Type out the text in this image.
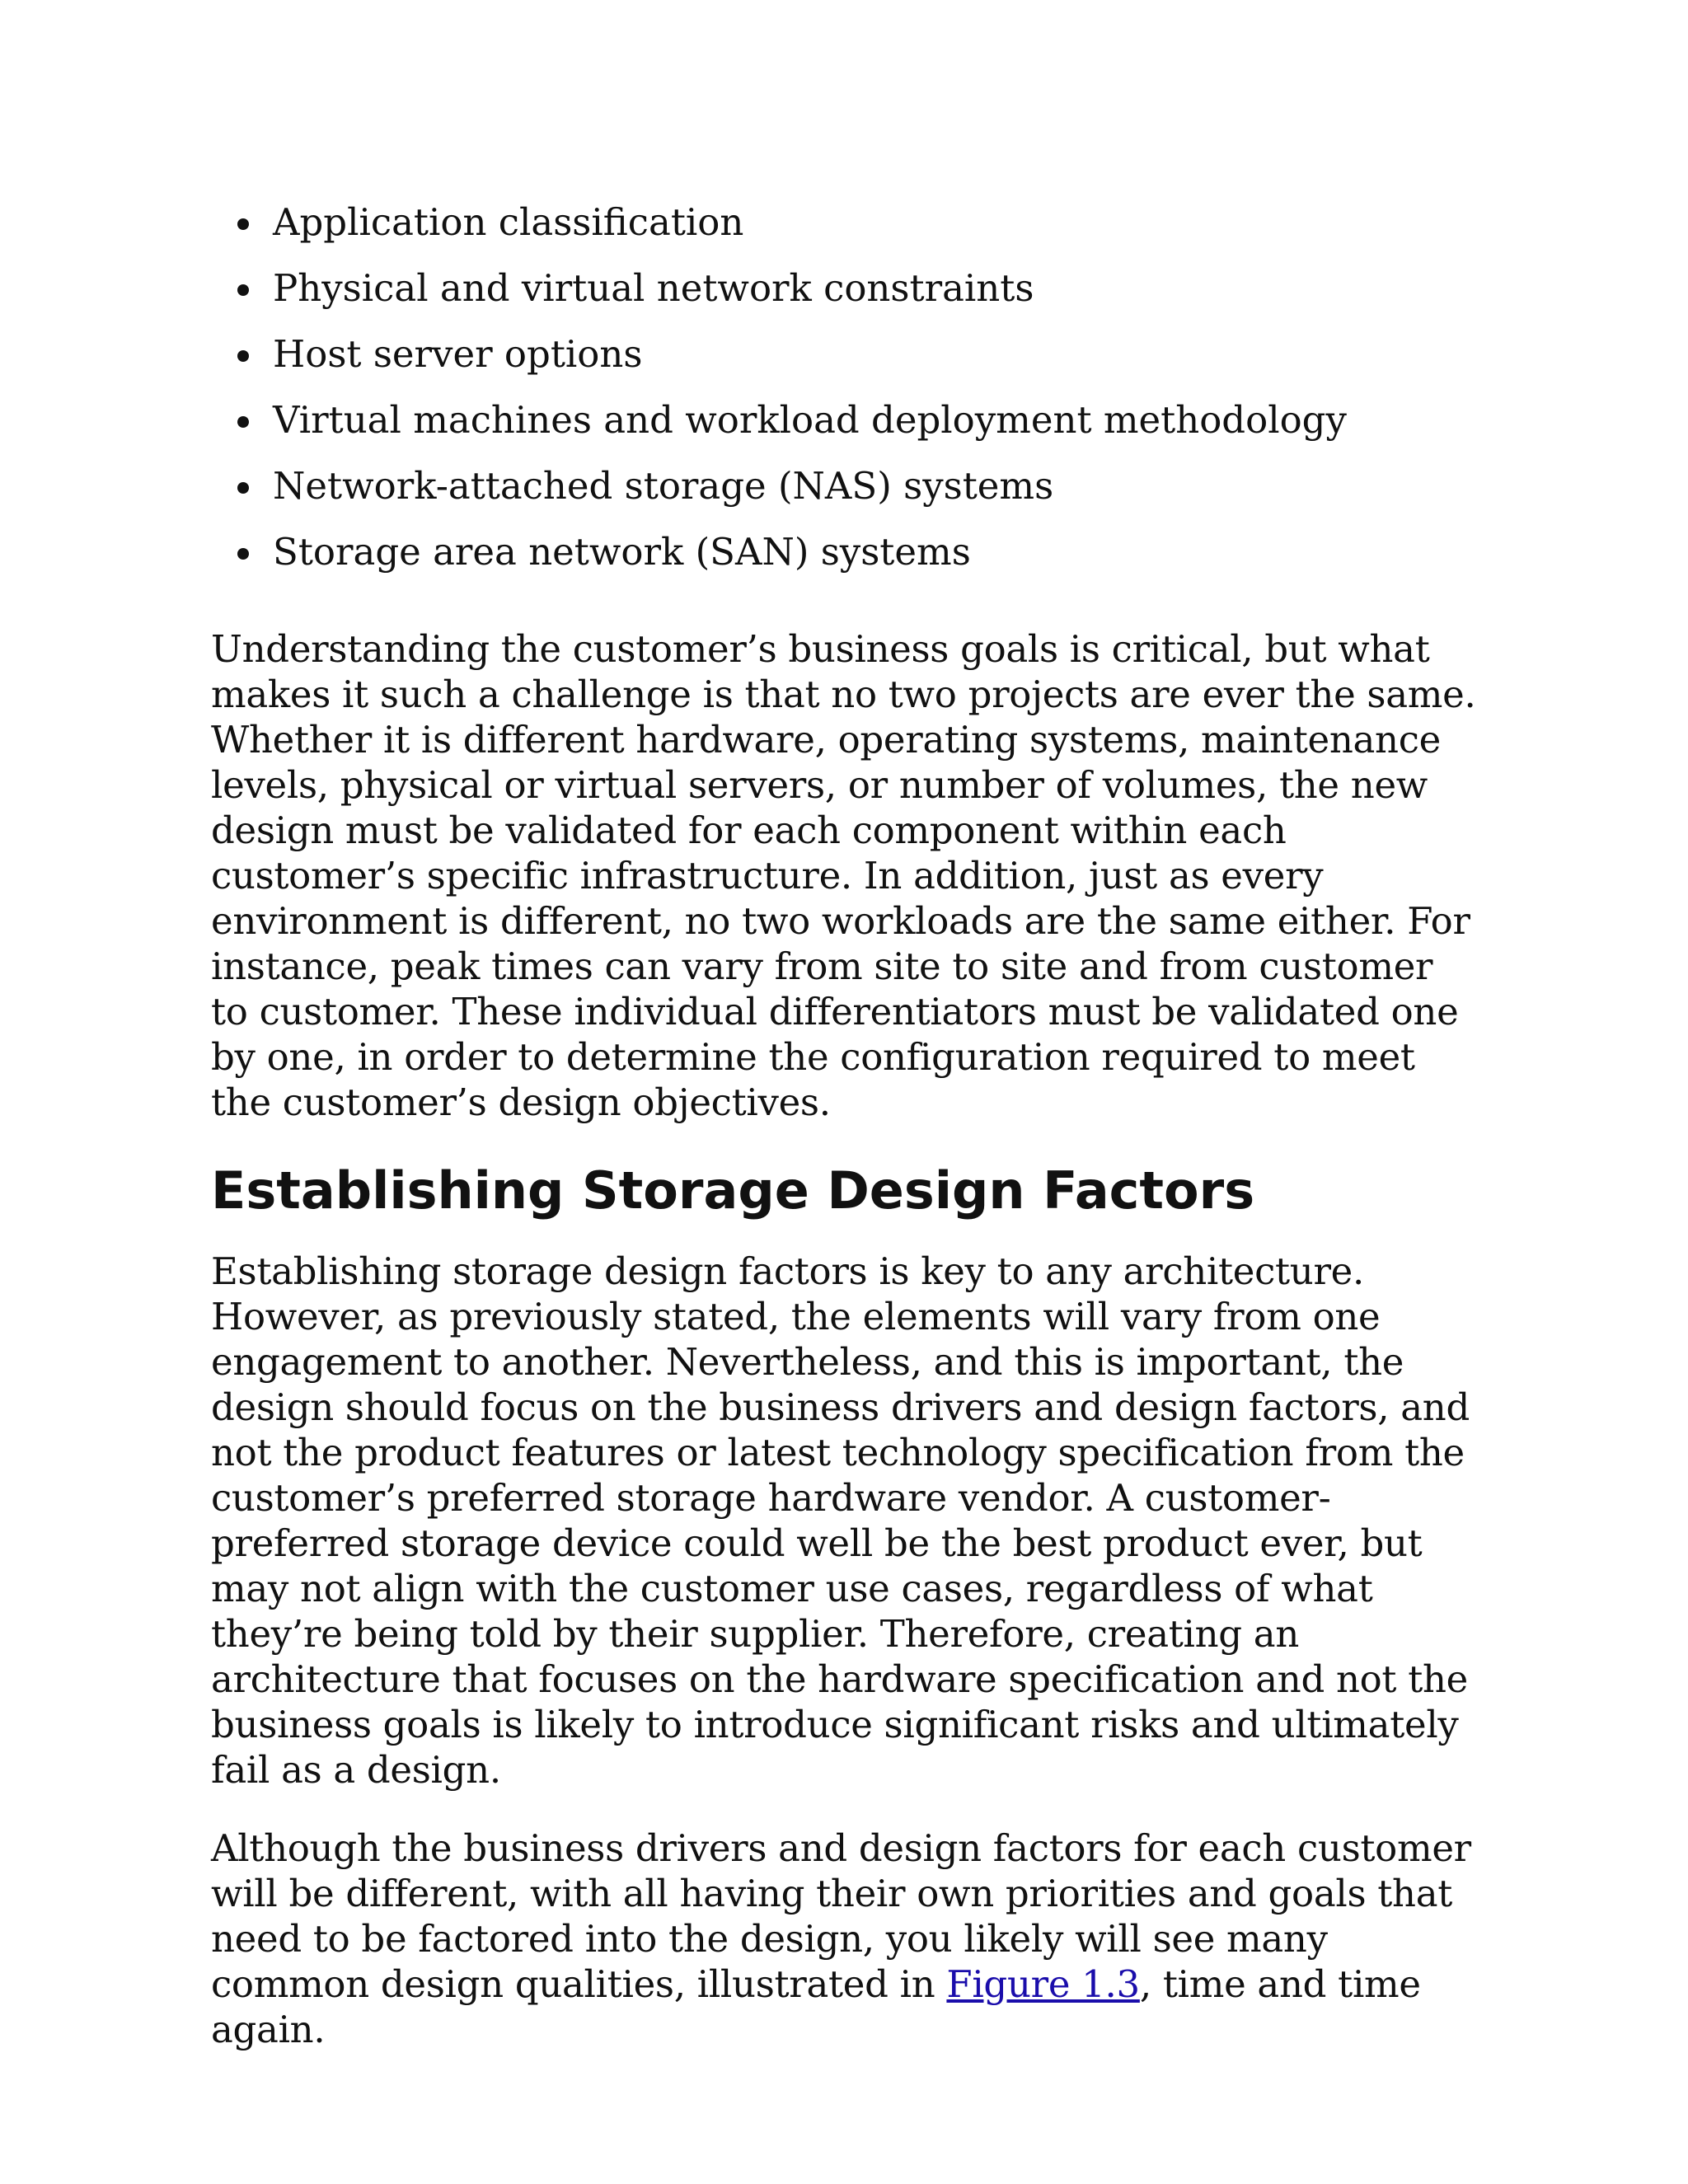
Application classification
Physical and virtual network constraints
Host server options
Virtual machines and workload deployment methodology
Network-attached storage (NAS) systems
Storage area network (SAN) systems

Understanding the customer’s business goals is critical, but what makes it such a challenge is that no two projects are ever the same. Whether it is different hardware, operating systems, maintenance levels, physical or virtual servers, or number of volumes, the new design must be validated for each component within each customer’s specific infrastructure. In addition, just as every environment is different, no two workloads are the same either. For instance, peak times can vary from site to site and from customer to customer. These individual differentiators must be validated one by one, in order to determine the configuration required to meet the customer’s design objectives.

Establishing Storage Design Factors

Establishing storage design factors is key to any architecture. However, as previously stated, the elements will vary from one engagement to another. Nevertheless, and this is important, the design should focus on the business drivers and design factors, and not the product features or latest technology specification from the customer’s preferred storage hardware vendor. A customer-preferred storage device could well be the best product ever, but may not align with the customer use cases, regardless of what they’re being told by their supplier. Therefore, creating an architecture that focuses on the hardware specification and not the business goals is likely to introduce significant risks and ultimately fail as a design.

Although the business drivers and design factors for each customer will be different, with all having their own priorities and goals that need to be factored into the design, you likely will see many common design qualities, illustrated in Figure 1.3, time and time again.
